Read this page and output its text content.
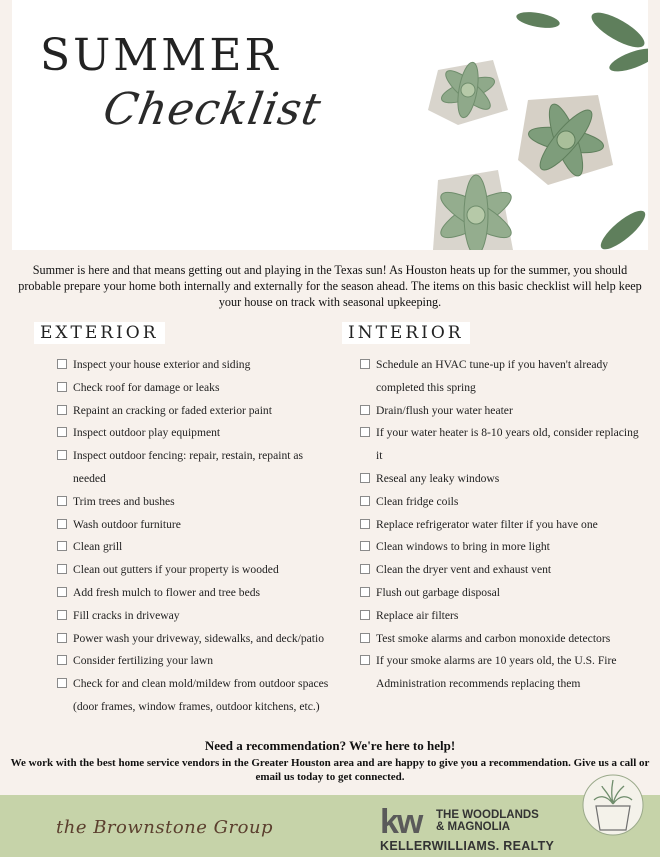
SUMMER
Checklist
Summer is here and that means getting out and playing in the Texas sun! As Houston heats up for the summer, you should probable prepare your home both internally and externally for the season ahead. The items on this basic checklist will help keep your house on track with seasonal upkeeping.
EXTERIOR	INTERIOR
Inspect your house exterior and siding
Check roof for damage or leaks
Repaint an cracking or faded exterior paint
Inspect outdoor play equipment
Inspect outdoor fencing: repair, restain, repaint as needed
Trim trees and bushes
Wash outdoor furniture
Clean grill
Clean out gutters if your property is wooded
Add fresh mulch to flower and tree beds
Fill cracks in driveway
Power wash your driveway, sidewalks, and deck/patio
Consider fertilizing your lawn
Check for and clean mold/mildew from outdoor spaces (door frames, window frames, outdoor kitchens, etc.)
Schedule an HVAC tune-up if you haven't already completed this spring
Drain/flush your water heater
If your water heater is 8-10 years old, consider replacing it
Reseal any leaky windows
Clean fridge coils
Replace refrigerator water filter if you have one
Clean windows to bring in more light
Clean the dryer vent and exhaust vent
Flush out garbage disposal
Replace air filters
Test smoke alarms and carbon monoxide detectors
If your smoke alarms are 10 years old, the U.S. Fire Administration recommends replacing them
Need a recommendation? We're here to help!
We work with the best home service vendors in the Greater Houston area and are happy to give you a recommendation. Give us a call or email us today to get connected.
the Brownstone Group	kw THE WOODLANDS & MAGNOLIA
KELLERWILLIAMS. REALTY
